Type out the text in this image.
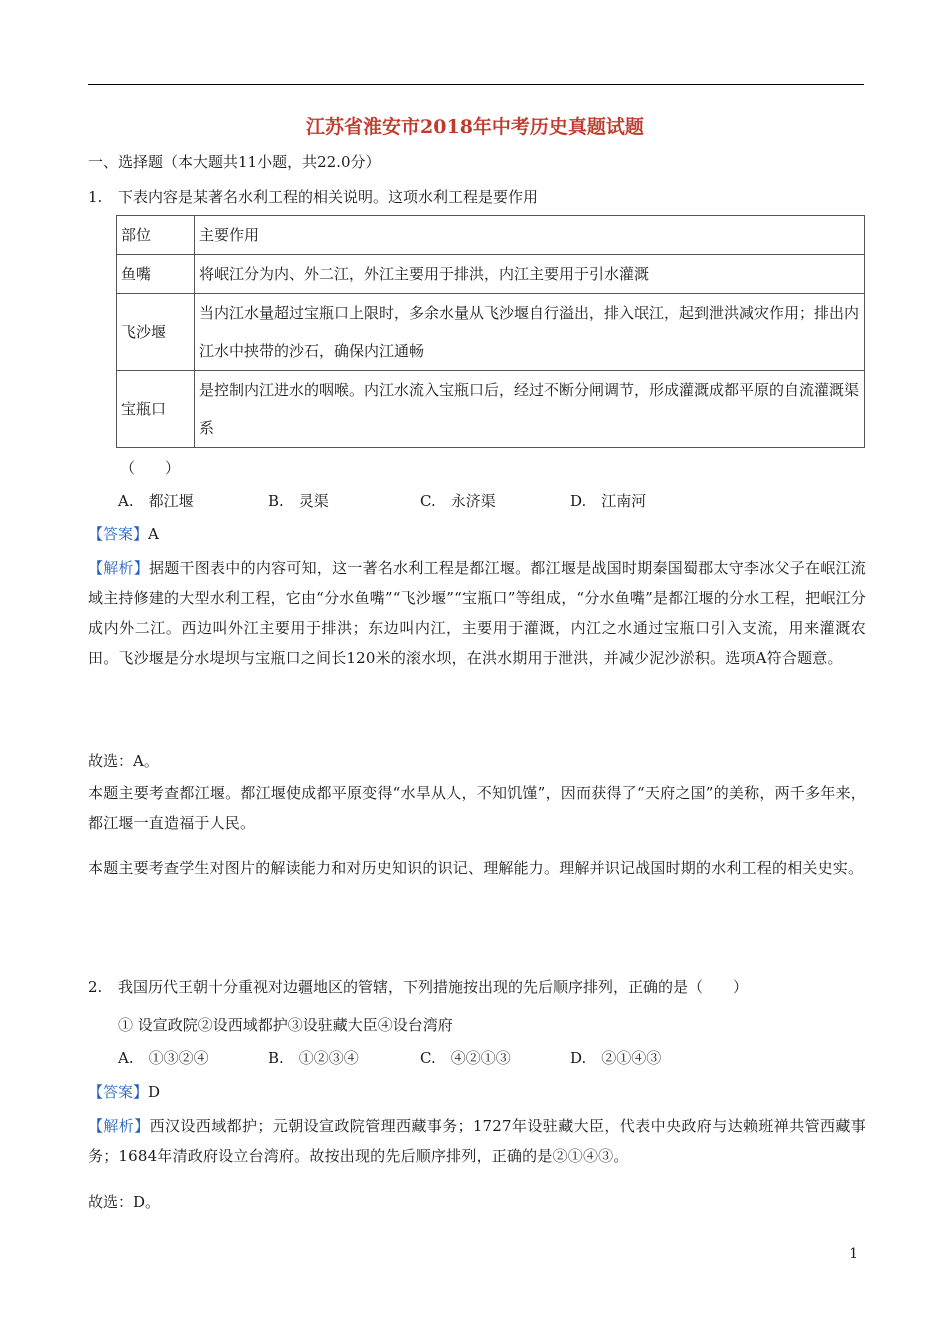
江苏省淮安市2018年中考历史真题试题
一、选择题（本大题共11小题，共22.0分）
1. 下表内容是某著名水利工程的相关说明。这项水利工程是要作用
部位	主要作用
鱼嘴	将岷江分为内、外二江，外江主要用于排洪，内江主要用于引水灌溉
飞沙堰	当内江水量超过宝瓶口上限时，多余水量从飞沙堰自行溢出，排入氓江，起到泄洪减灾作用；排出内江水中挟带的沙石，确保内江通畅
宝瓶口	是控制内江进水的咽喉。内江水流入宝瓶口后，经过不断分闸调节，形成灌溉成都平原的自流灌溉渠系
（　　）
A.　都江堰	B.　灵渠	C.　永济渠	D.　江南河
【答案】A
【解析】据题干图表中的内容可知，这一著名水利工程是都江堰。都江堰是战国时期秦国蜀郡太守李冰父子在岷江流域主持修建的大型水利工程，它由“分水鱼嘴”“飞沙堰”“宝瓶口”等组成，“分水鱼嘴”是都江堰的分水工程，把岷江分成内外二江。西边叫外江主要用于排洪；东边叫内江，主要用于灌溉，内江之水通过宝瓶口引入支流，用来灌溉农田。飞沙堰是分水堤坝与宝瓶口之间长120米的滚水坝，在洪水期用于泄洪，并减少泥沙淤积。选项A符合题意。
故选：A。
本题主要考查都江堰。都江堰使成都平原变得“水旱从人，不知饥馑”，因而获得了“天府之国”的美称，两千多年来，都江堰一直造福于人民。
本题主要考查学生对图片的解读能力和对历史知识的识记、理解能力。理解并识记战国时期的水利工程的相关史实。
2. 我国历代王朝十分重视对边疆地区的管辖，下列措施按出现的先后顺序排列，正确的是（　　）
① 设宣政院②设西域都护③设驻藏大臣④设台湾府
A.　①③②④	B.　①②③④	C.　④②①③	D.　②①④③
【答案】D
【解析】西汉设西域都护；元朝设宣政院管理西藏事务；1727年设驻藏大臣，代表中央政府与达赖班禅共管西藏事务；1684年清政府设立台湾府。故按出现的先后顺序排列，正确的是②①④③。
故选：D。
1
